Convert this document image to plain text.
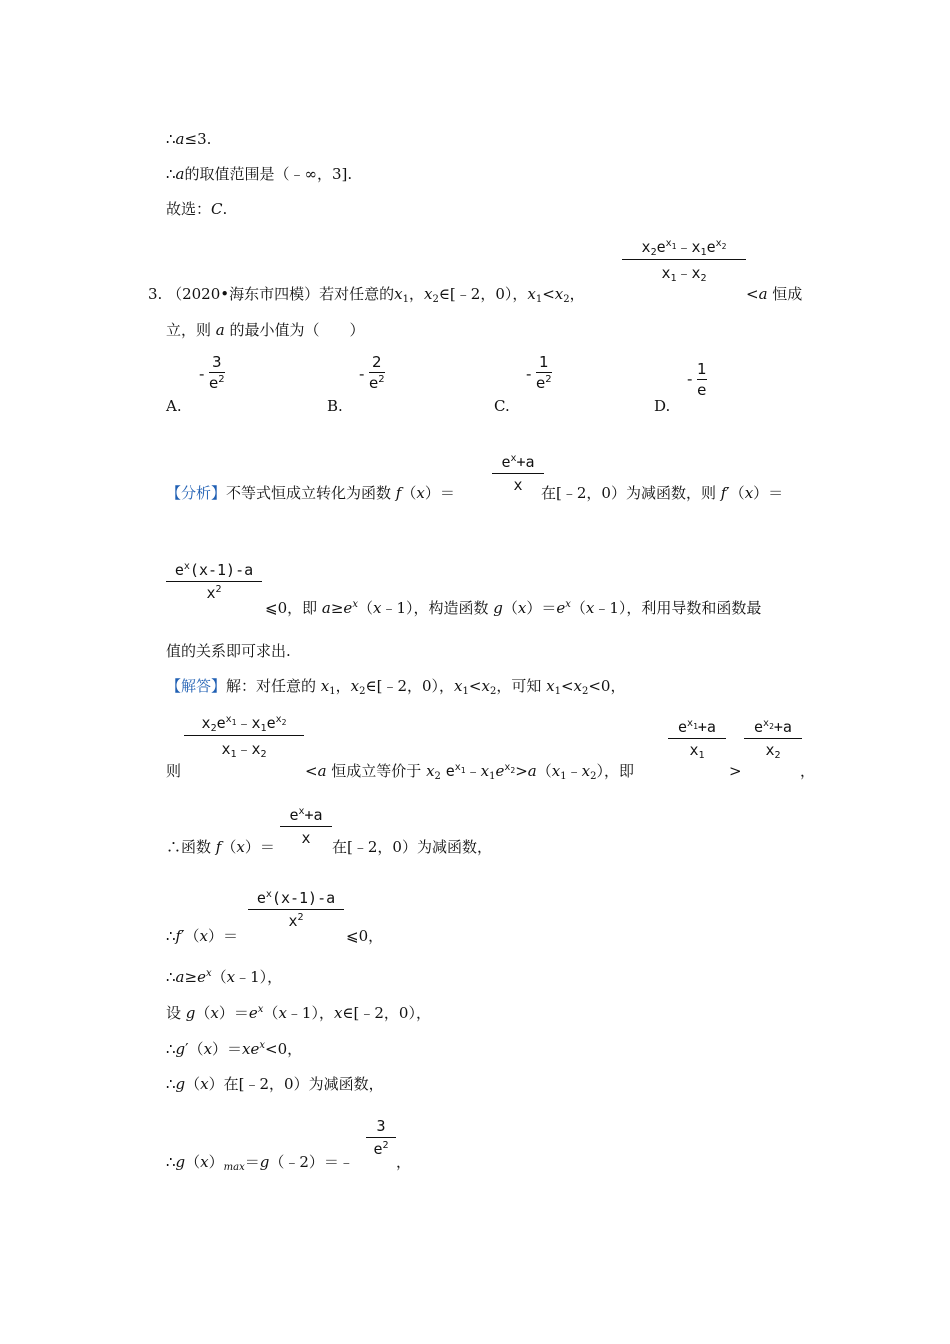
∴a≤3.
∴a的取值范围是（﹣∞，3].
故选：C.
$x_2e^{x_1}﹣x_1e^{x_2}$
$x_1﹣x_2$
3. （2020•海东市四模）若对任意的$x_1$，$x_2\in[﹣2$，0），$x_1<x_2$，	<a 恒成
立，则 a 的最小值为（　　）
-
3
$e^2$
A.
-
2
$e^2$
B.
-
1
$e^2$
C.
-
1
e
D.
$e^x+a$
x
【分析】不等式恒成立转化为函数 f（x）＝	在[﹣2，0）为减函数，则 f′（x）＝
$e^x(x-1)-a$
$x^2$
⩽0，即 $a\ge e^x(x﹣1)$，构造函数 $g(x)=e^x(x﹣1)$，利用导数和函数最
值的关系即可求出.
【解答】解：对任意的 $x_1$，$x_2\in[﹣2$，0），$x_1<x_2$，可知 $x_1<x_2<0$，
$x_2e^{x_1}﹣x_1e^{x_2}$
$x_1﹣x_2$
则	<a 恒成立等价于 $x_2$ $e^{x_1}﹣x_1e^{x_2}>a(x_1﹣x_2)$，即
$e^{x_1}+a$
$x_1$
>
$e^{x_2}+a$
$x_2$
，
$e^x+a$
x
∴函数 f（x）＝	在[﹣2，0）为减函数，
$e^x(x-1)-a$
$x^2$
∴f′（x）＝	⩽0，
$\therefore a\ge e^x(x﹣1)$，
设 $g(x)=e^x(x﹣1)$，x∈[﹣2，0），
$\therefore g'(x)=xe^x<0$，
∴g（x）在[﹣2，0）为减函数，
3
$e^2$
$\therefore g(x)_{max}=g(﹣2)=﹣$	，
